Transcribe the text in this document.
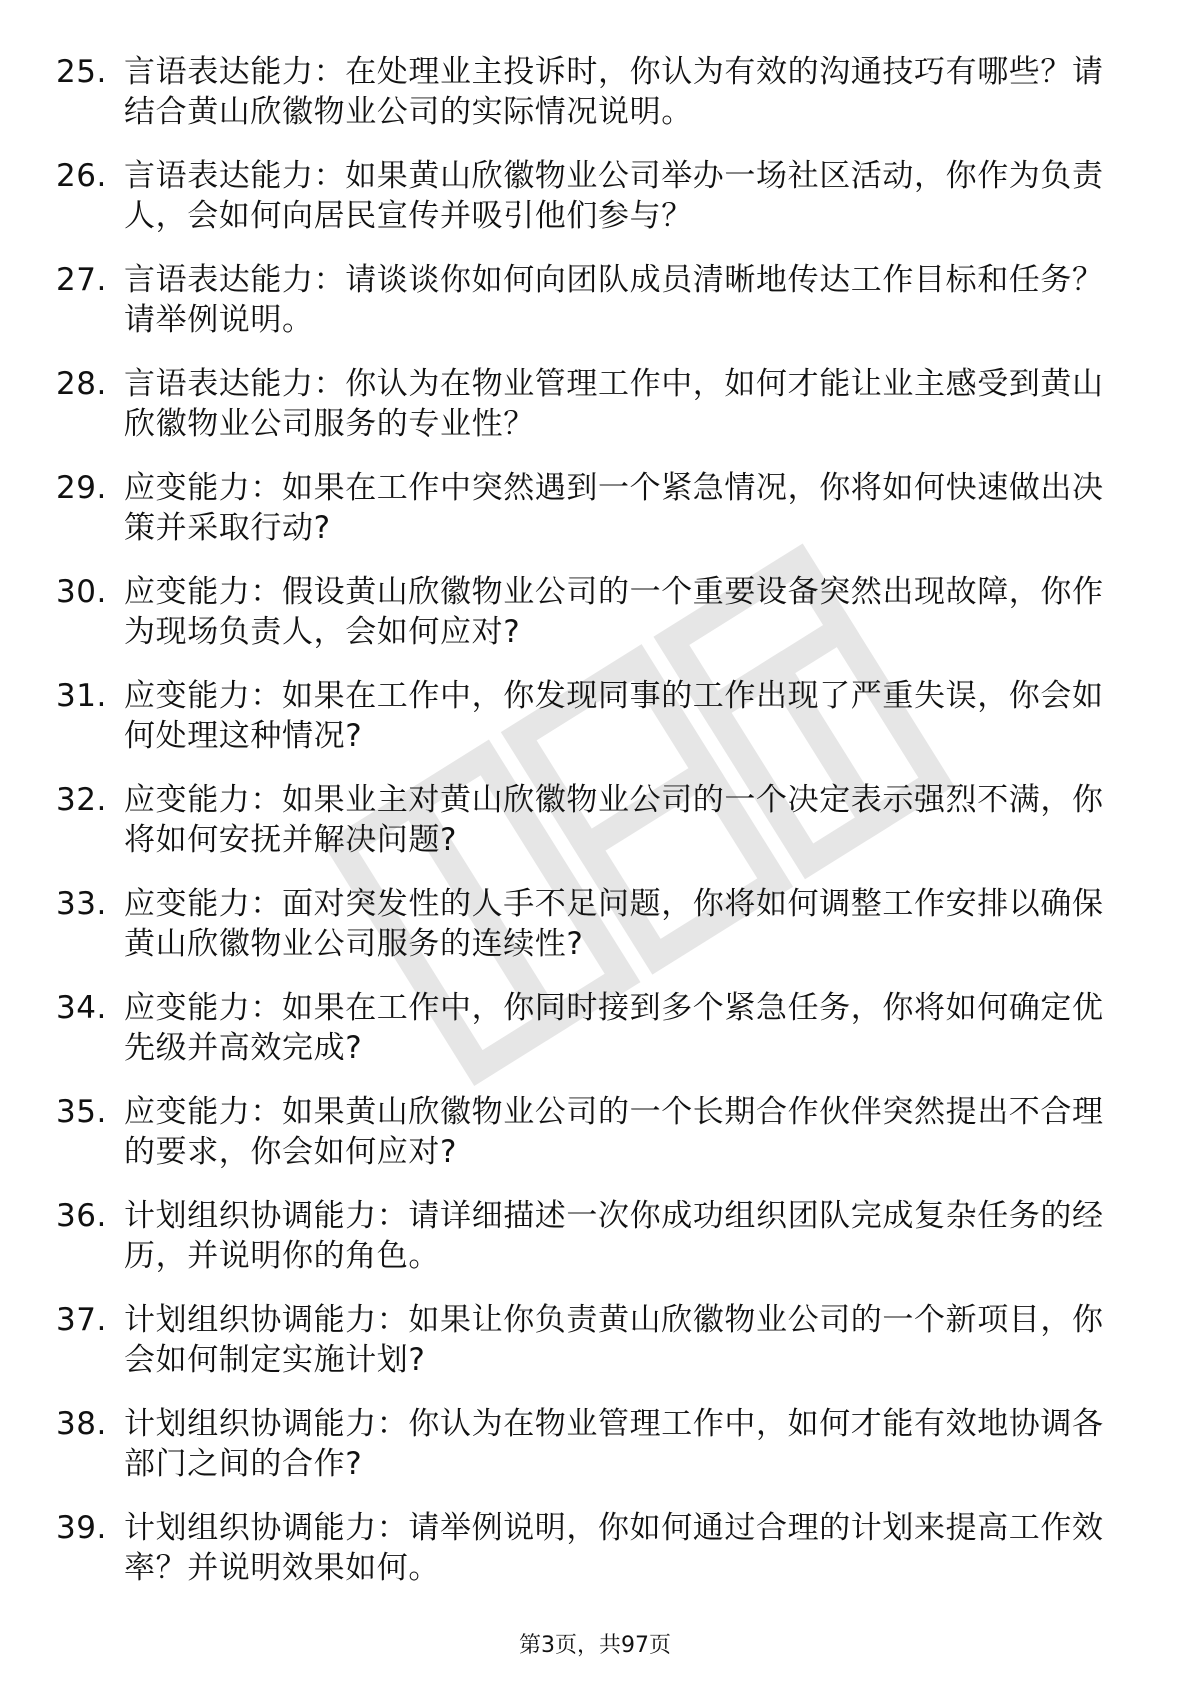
25. 言语表达能力：在处理业主投诉时，你认为有效的沟通技巧有哪些？请结合黄山欣徽物业公司的实际情况说明。
26. 言语表达能力：如果黄山欣徽物业公司举办一场社区活动，你作为负责人，会如何向居民宣传并吸引他们参与？
27. 言语表达能力：请谈谈你如何向团队成员清晰地传达工作目标和任务？请举例说明。
28. 言语表达能力：你认为在物业管理工作中，如何才能让业主感受到黄山欣徽物业公司服务的专业性？
29. 应变能力：如果在工作中突然遇到一个紧急情况，你将如何快速做出决策并采取行动?
30. 应变能力：假设黄山欣徽物业公司的一个重要设备突然出现故障，你作为现场负责人，会如何应对?
31. 应变能力：如果在工作中，你发现同事的工作出现了严重失误，你会如何处理这种情况?
32. 应变能力：如果业主对黄山欣徽物业公司的一个决定表示强烈不满，你将如何安抚并解决问题?
33. 应变能力：面对突发性的人手不足问题，你将如何调整工作安排以确保黄山欣徽物业公司服务的连续性?
34. 应变能力：如果在工作中，你同时接到多个紧急任务，你将如何确定优先级并高效完成?
35. 应变能力：如果黄山欣徽物业公司的一个长期合作伙伴突然提出不合理的要求，你会如何应对?
36. 计划组织协调能力：请详细描述一次你成功组织团队完成复杂任务的经历，并说明你的角色。
37. 计划组织协调能力：如果让你负责黄山欣徽物业公司的一个新项目，你会如何制定实施计划?
38. 计划组织协调能力：你认为在物业管理工作中，如何才能有效地协调各部门之间的合作?
39. 计划组织协调能力：请举例说明，你如何通过合理的计划来提高工作效率？并说明效果如何。
第3页，共97页
